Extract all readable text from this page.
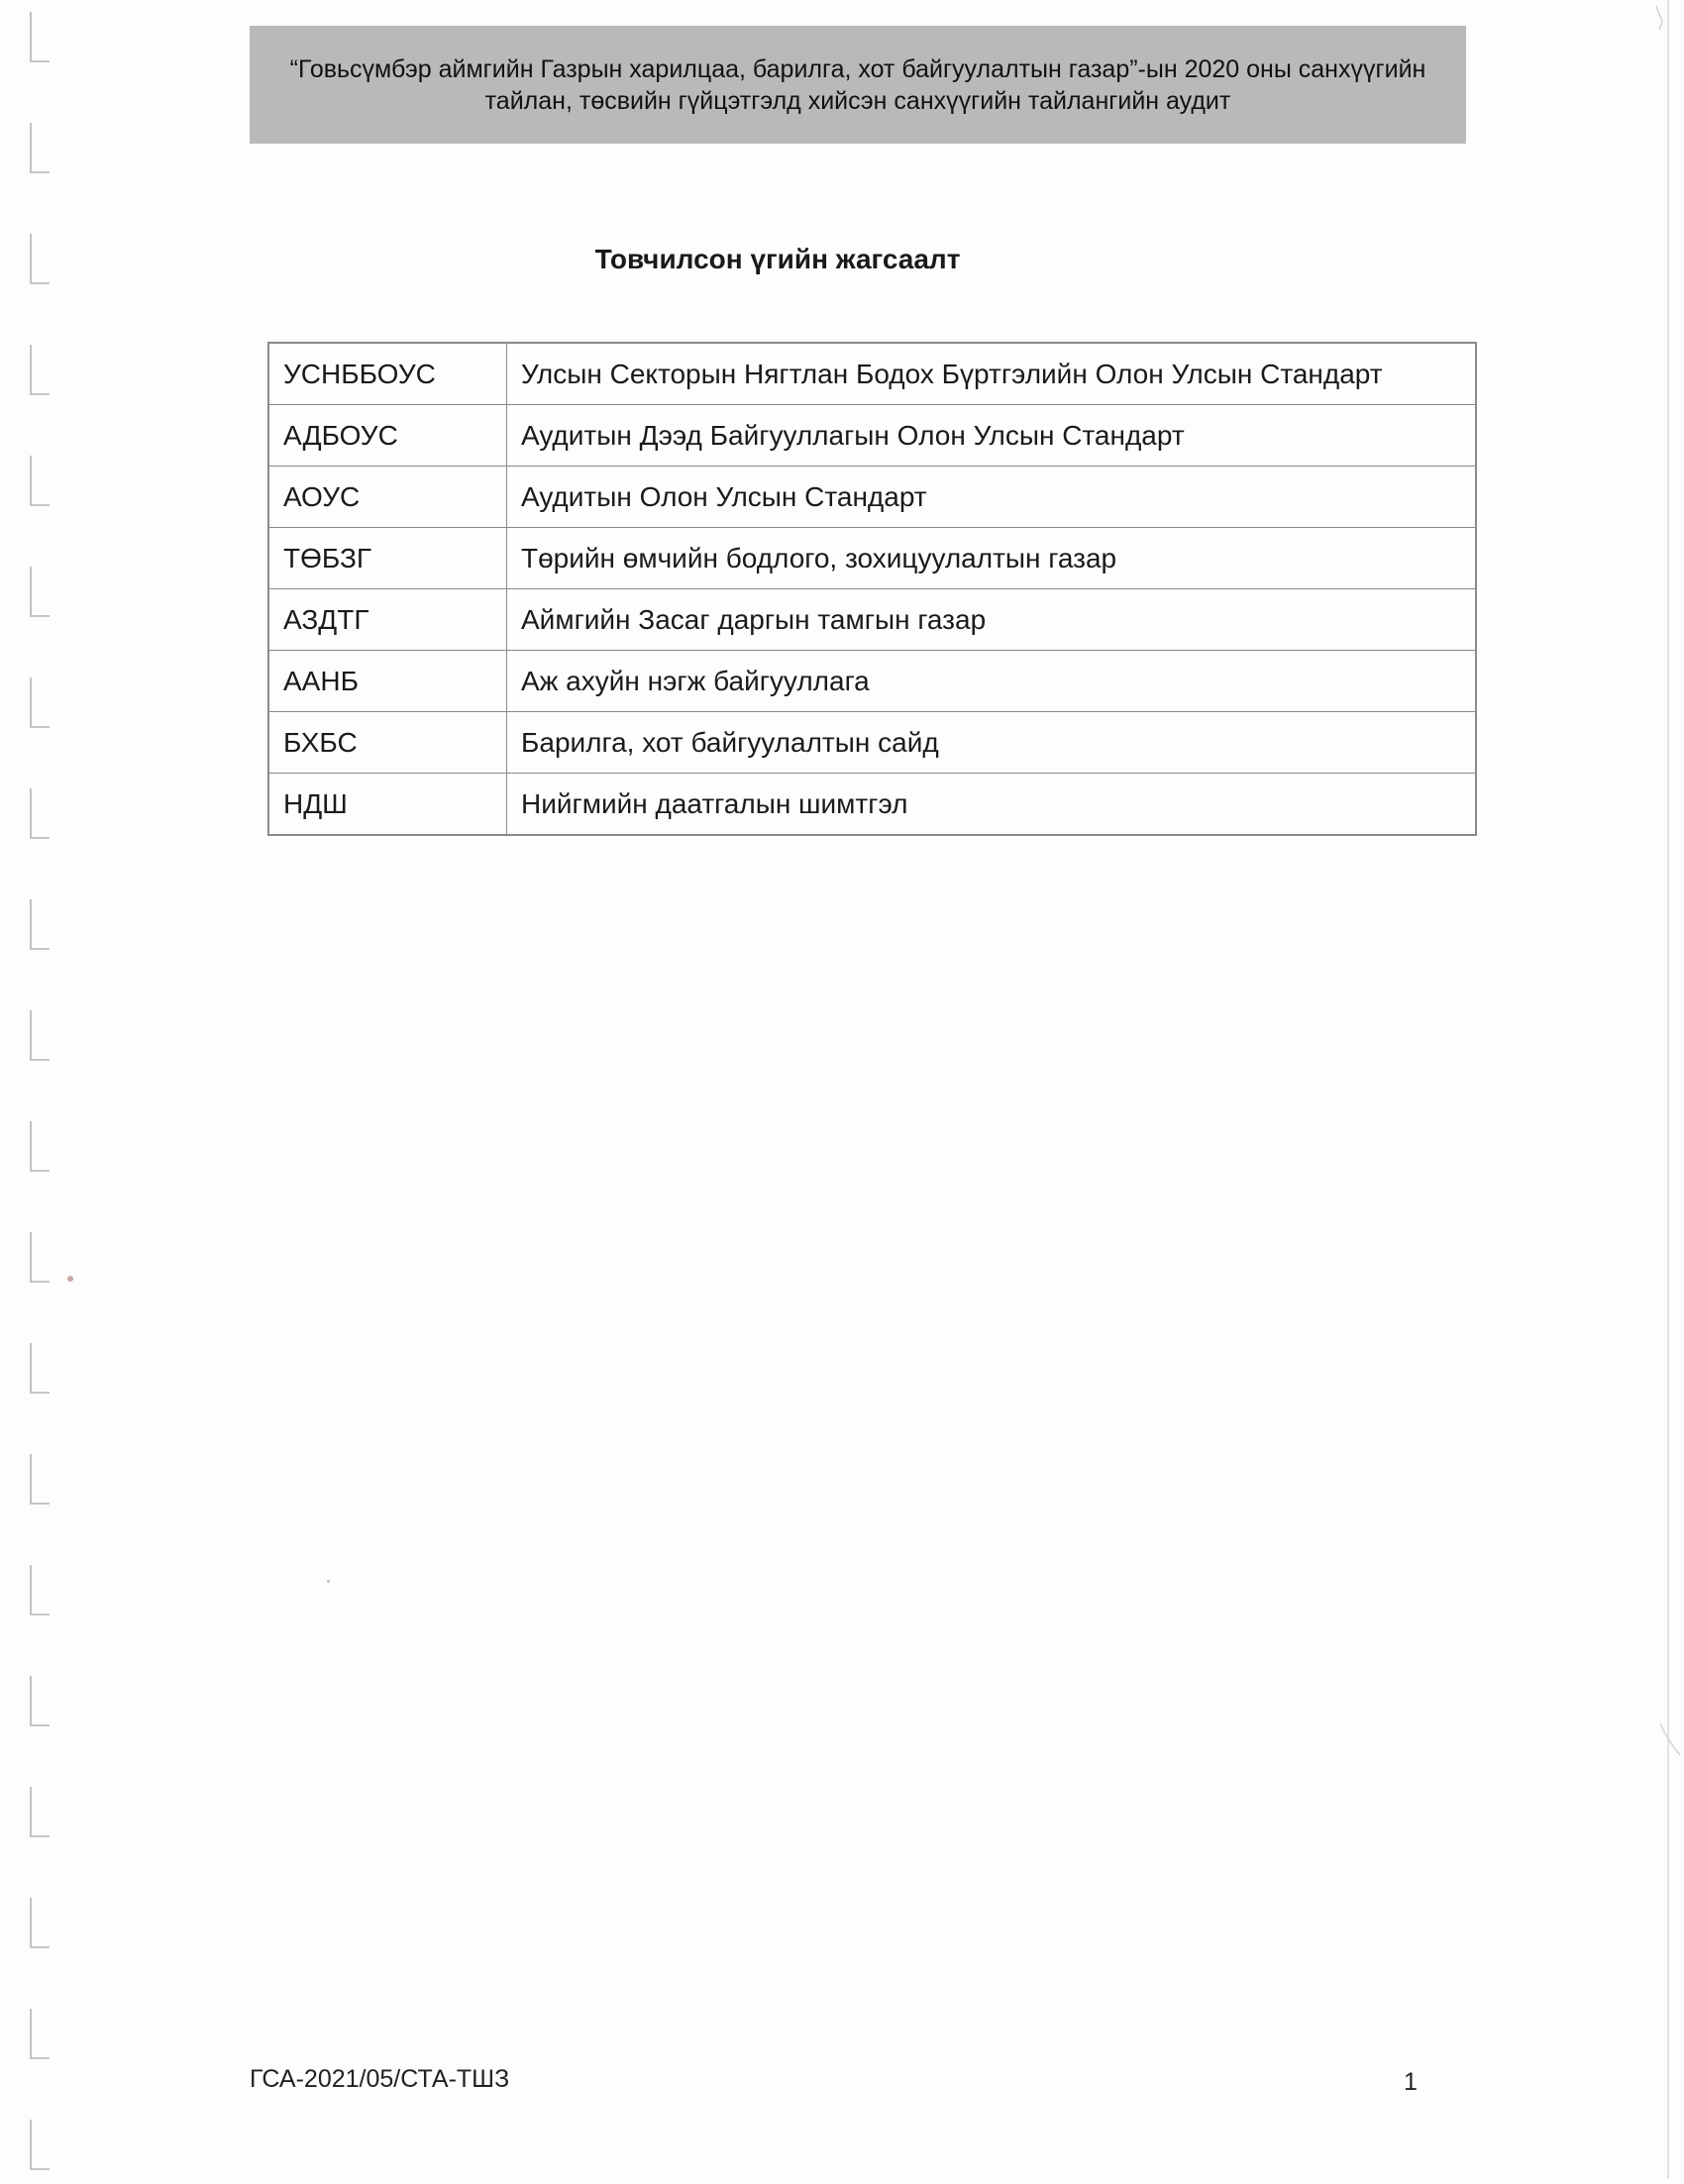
“Говьсүмбэр аймгийн Газрын харилцаа, барилга, хот байгуулалтын газар”-ын 2020 оны санхүүгийн
тайлан, төсвийн гүйцэтгэлд хийсэн санхүүгийн тайлангийн аудит

Товчилсон үгийн жагсаалт
УСНББОУС	Улсын Секторын Нягтлан Бодох Бүртгэлийн Олон Улсын Стандарт
АДБОУС	Аудитын Дээд Байгууллагын Олон Улсын Стандарт
АОУС	Аудитын Олон Улсын Стандарт
ТӨБЗГ	Төрийн өмчийн бодлого, зохицуулалтын газар
АЗДТГ	Аймгийн Засаг даргын тамгын газар
ААНБ	Аж ахуйн нэгж байгууллага
БХБС	Барилга, хот байгуулалтын сайд
НДШ	Нийгмийн даатгалын шимтгэл
ГСА-2021/05/СТА-ТШЗ	1
